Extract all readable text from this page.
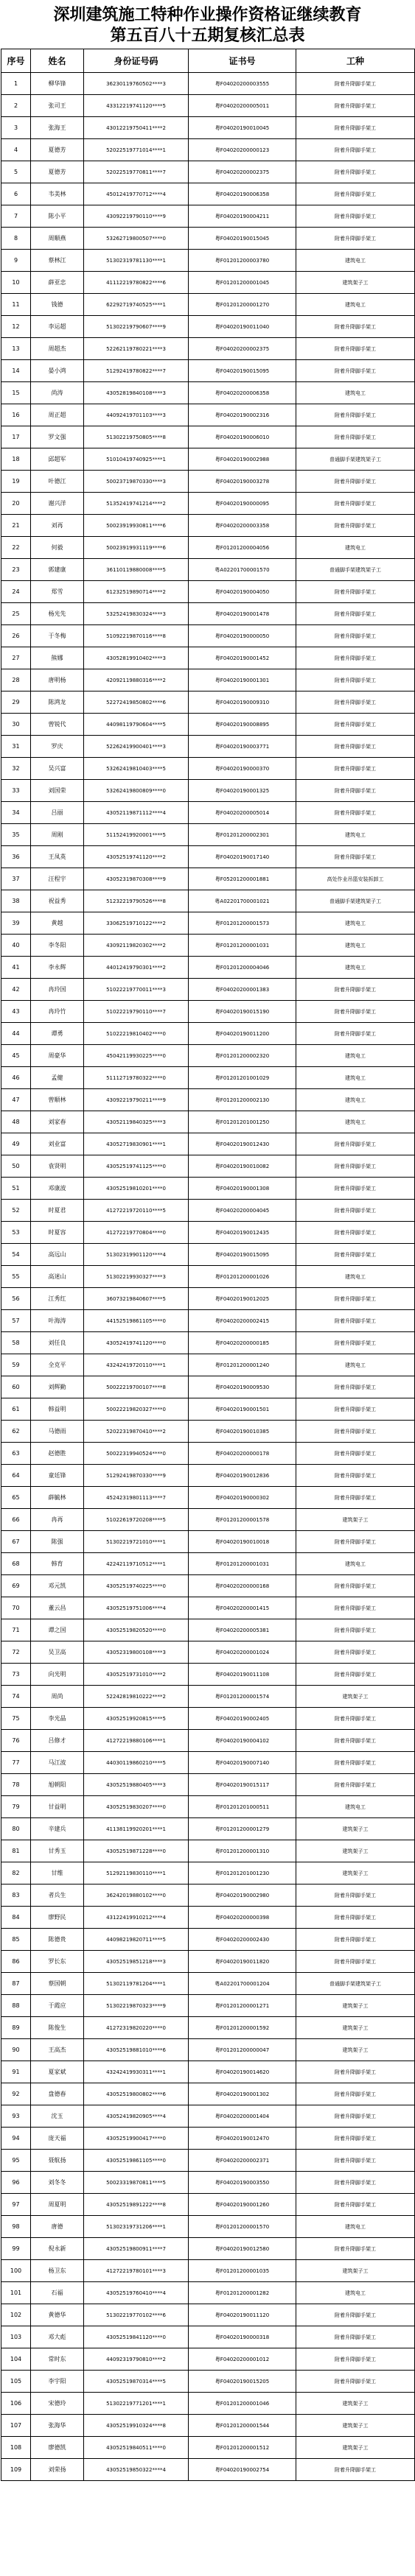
深圳建筑施工特种作业操作资格证继续教育
第五百八十五期复核汇总表
序号	姓名	身份证号码	证书号	工种
1	柳华锋	36230119760502****3	粤F04020200003555	附着升降脚手架工
2	张司王	43312219741120****5	粤F04020200005011	附着升降脚手架工
3	张海王	43012219750411****2	粤F04020190010045	附着升降脚手架工
4	夏德芳	52022519771014****1	粤F04020200000123	附着升降脚手架工
5	夏德芳	52022519770811****7	粤F04020200002375	附着升降脚手架工
6	韦美林	45012419770712****4	粤F04020190006358	附着升降脚手架工
7	陈小平	43092219790110****9	粤F04020190004211	附着升降脚手架工
8	周顺燕	53262719800507****0	粤F04020190015045	附着升降脚手架工
9	蔡林江	51302319781130****1	粤F01201200003780	建筑电工
10	薛亚忠	41112219780822****6	粤F01201200001045	建筑架子工
11	钱德	62292719740525****1	粤F01201200001270	建筑电工
12	李运超	51302219790607****9	粤F04020190011040	附着升降脚手架工
13	周超杰	52262119780221****3	粤F04020200002375	附着升降脚手架工
14	晏小鸿	51292419780822****7	粤F04020190015095	附着升降脚手架工
15	尚涛	43052819840108****3	粤F04020200006358	建筑电工
16	周正超	44092419701103****3	粤F04020190002316	附着升降脚手架工
17	罗文强	51302219750805****8	粤F04020190006010	附着升降脚手架工
18	邱超军	51010419740925****1	粤F04020190002988	普通脚手架建筑架子工
19	叶德江	50023719870330****3	粤F04020190003278	附着升降脚手架工
20	谢兴洋	51352419741214****2	粤F04020190000095	附着升降脚手架工
21	刘再	50023919930811****6	粤F04020200003358	附着升降脚手架工
22	何毅	50023919931119****6	粤F01201200004056	建筑电工
23	郭建康	36110119880008****5	粤A02201700001570	普通脚手架建筑架子工
24	郑雪	61232519890714****2	粤F04020190004050	附着升降脚手架工
25	杨光先	53252419830324****3	粤F04020190001478	附着升降脚手架工
26	于冬梅	51092219870116****8	粤F04020190000050	附着升降脚手架工
27	熊娜	43052819910402****3	粤F04020190001452	附着升降脚手架工
28	唐明杨	42092119880316****2	粤F04020190001301	附着升降脚手架工
29	陈鸿龙	52272419850802****6	粤F04020190009310	附着升降脚手架工
30	曾锐代	44098119790604****5	粤F04020190008895	附着升降脚手架工
31	罗庆	52262419900401****3	粤F04020190003771	附着升降脚手架工
32	吴兴富	53262419810403****5	粤F04020190000370	附着升降脚手架工
33	刘国荣	53262419800809****0	粤F04020190001325	附着升降脚手架工
34	吕丽	43052119871112****4	粤F04020200005014	附着升降脚手架工
35	周刚	51152419920001****5	粤F01201200002301	建筑电工
36	王凤英	43052519741120****2	粤F04020190017140	附着升降脚手架工
37	汪程宇	43052319870308****9	粤F05201200001881	高处作业吊篮安装拆卸工
38	祝益秀	51232219790526****8	粤A02201700001021	普通脚手架建筑架子工
39	黄越	33062519710122****2	粤F01201200001573	建筑电工
40	李冬阳	43092119820302****2	粤F01201200001031	建筑电工
41	李永辉	44012419790301****2	粤F01201200004046	建筑电工
42	冉玲国	51022219770011****3	粤F04020200001383	附着升降脚手架工
43	冉玲竹	51022219790110****7	粤F04020190015190	附着升降脚手架工
44	谭勇	51022219810402****0	粤F04020190011200	附着升降脚手架工
45	周豪华	45042119930225****0	粤F01201200002320	建筑电工
46	孟健	51112719780322****0	粤F01201201001029	建筑电工
47	曾顺林	43092219790211****9	粤F01201200002130	建筑电工
48	刘家春	43052119840325****3	粤F01201201001250	建筑电工
49	刘业富	43052719830901****1	粤F04020190012430	附着升降脚手架工
50	袁贤明	43052519741125****0	粤F04020190010082	附着升降脚手架工
51	邓康波	43052519810201****0	粤F04020190001308	附着升降脚手架工
52	时夏君	41272219720110****5	粤F04020200004045	附着升降脚手架工
53	时夏容	41272219770804****0	粤F04020190012435	附着升降脚手架工
54	高远山	51302319901120****4	粤F04020190015095	附着升降脚手架工
55	高迷山	51302219930327****3	粤F01201200001026	建筑电工
56	江秀红	36073219840607****5	粤F04020190012025	附着升降脚手架工
57	叶海涛	44152519861105****0	粤F04020200002415	附着升降脚手架工
58	刘任良	43052419741120****0	粤F04020200000185	附着升降脚手架工
59	全克平	43242419720110****1	粤F01201200001240	建筑电工
60	刘辉勤	50022219700107****8	粤F04020190009530	附着升降脚手架工
61	韩益明	50022219820327****0	粤F04020190001501	附着升降脚手架工
62	马德雨	52022319870410****2	粤F04020190010385	附着升降脚手架工
63	赵德胜	50022319940524****0	粤F04020200000178	附着升降脚手架工
64	童廷锋	51292419870330****9	粤F04020190012836	附着升降脚手架工
65	薛毓林	45242319801113****7	粤F04020190000302	附着升降脚手架工
66	冉再	51022619720208****5	粤F01201200001578	建筑架子工
67	陈强	51302219721010****1	粤F04020190010018	附着升降脚手架工
68	韩育	42242119710512****1	粤F01201200001031	建筑电工
69	邓元凯	43052519740225****0	粤F04020200000168	附着升降脚手架工
70	董云昌	43052519751006****4	粤F04020200001415	附着升降脚手架工
71	谭之国	43052519820520****0	粤F04020200005381	附着升降脚手架工
72	吴卫高	43052319800108****3	粤F04020200001024	附着升降脚手架工
73	向光明	43052519731010****2	粤F04020190011108	附着升降脚手架工
74	周尚	52242819810222****2	粤F01201200001574	建筑架子工
75	李光晶	43052519920815****5	粤F04020190002405	附着升降脚手架工
76	吕修才	41272219880106****1	粤F04020190004102	附着升降脚手架工
77	马江波	44030119860210****5	粤F04020190007140	附着升降脚手架工
78	旭朝阳	43052519880405****3	粤F04020190015117	附着升降脚手架工
79	甘益明	43052519830207****0	粤F01201201000511	建筑电工
80	辛建兵	41138119920201****1	粤F01201200001279	建筑架子工
81	甘秀玉	43052519871228****0	粤F01201200001310	建筑架子工
82	甘维	51292119830110****1	粤F01201201001230	建筑架子工
83	者兵生	36242019880102****0	粤F04020190002980	附着升降脚手架工
84	廖野民	43122419910212****4	粤F04020200000398	附着升降脚手架工
85	陈德贵	44098219820711****5	粤F04020200002430	附着升降脚手架工
86	罗长东	43052519851218****3	粤F04020190011820	附着升降脚手架工
87	蔡国朝	51302119781204****1	粤A02201700001204	普通脚手架建筑架子工
88	于霞应	51302219870323****9	粤F01201200001271	建筑架子工
89	陈俊生	41272319820220****0	粤F01201200001592	建筑架子工
90	王高杰	43052519881010****6	粤F01201200000047	建筑架子工
91	夏家斌	43242419930311****1	粤F04020190014620	附着升降脚手架工
92	盘德春	43052519800802****6	粤F04020190001302	附着升降脚手架工
93	沈玉	43052419820905****4	粤F04020200001404	附着升降脚手架工
94	庞天福	43052519900417****0	粤F04020190012470	附着升降脚手架工
95	聂航扬	43052519861105****0	粤F04020200002371	附着升降脚手架工
96	刘冬冬	50023319870811****5	粤F04020190003550	附着升降脚手架工
97	周夏明	43052519891222****8	粤F04020190001260	附着升降脚手架工
98	唐德	51302319731206****1	粤F01201200001570	建筑电工
99	倪永新	43052519800911****7	粤F04020190012580	附着升降脚手架工
100	杨卫东	41272219780101****3	粤F01201200001035	建筑架子工
101	石福	43052519760410****4	粤F01201200001282	建筑电工
102	黄德华	51302219770102****6	粤F04020190011120	附着升降脚手架工
103	邓大彪	43052519841120****0	粤F04020190000318	附着升降脚手架工
104	常时东	44092319790810****2	粤F04020200001012	附着升降脚手架工
105	李宇阳	43052519870314****5	粤F04020190015205	附着升降脚手架工
106	宋德玲	51302219771201****1	粤F01201200001046	建筑架子工
107	张海华	43052519910324****8	粤F01201200001544	建筑架子工
108	廖德凯	43052519840511****0	粤F01201200001512	建筑架子工
109	刘荣扬	43052519850322****4	粤F04020190002754	附着升降脚手架工
